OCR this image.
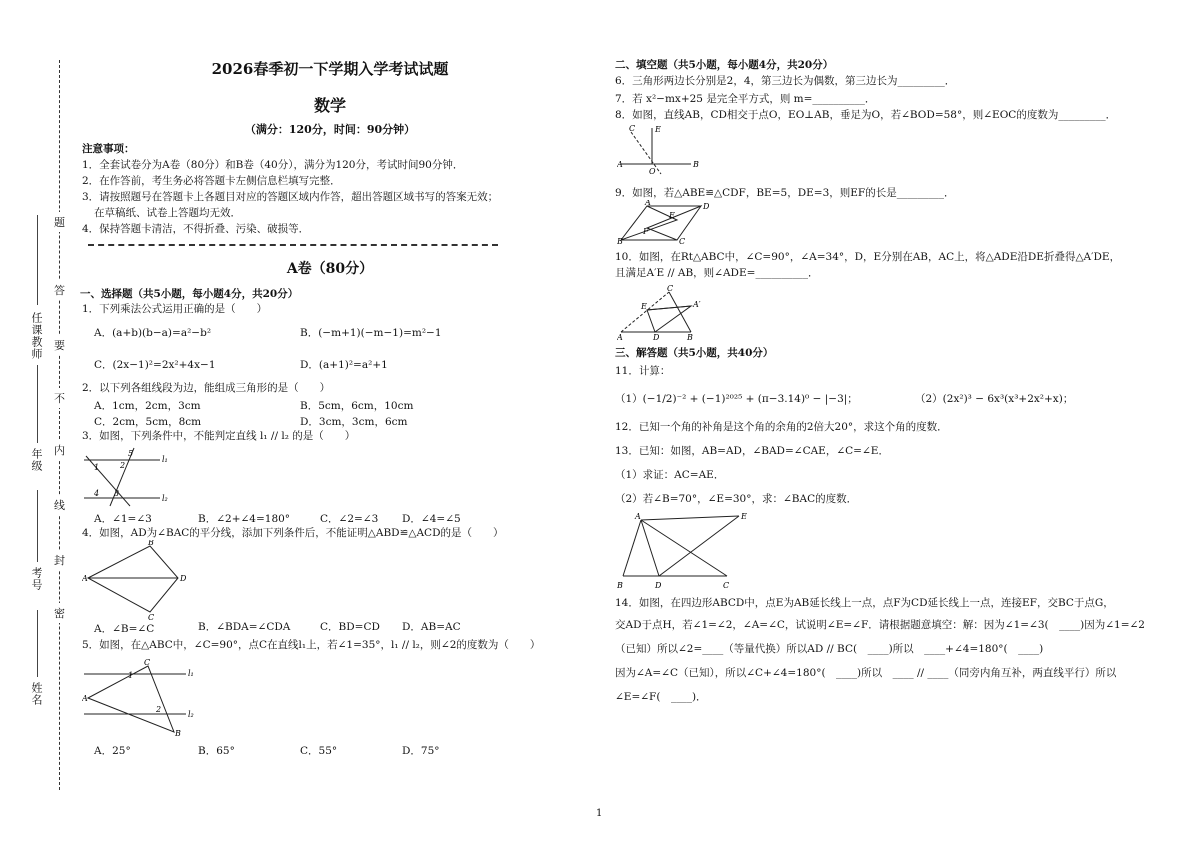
题
答
要
不
内
线
封
密
任课教师
年级
考号
姓名
2026春季初一下学期入学考试试题
数学
（满分：120分，时间：90分钟）
注意事项：
1．全套试卷分为A卷（80分）和B卷（40分），满分为120分，考试时间90分钟．
2．在作答前，考生务必将答题卡左侧信息栏填写完整．
3．请按照题号在答题卡上各题目对应的答题区域内作答，超出答题区域书写的答案无效；
在草稿纸、试卷上答题均无效．
4．保持答题卡清洁，不得折叠、污染、破损等．
A卷（80分）
一、选择题（共5小题，每小题4分，共20分）
1．下列乘法公式运用正确的是（　　）
A．(a+b)(b−a)=a²−b²	B．(−m+1)(−m−1)=m²−1
C．(2x−1)²=2x²+4x−1	D．(a+1)²=a²+1
2．以下列各组线段为边，能组成三角形的是（　　）
A．1cm，2cm，3cm	B．5cm，6cm，10cm
C．2cm，5cm，8cm	D．3cm，3cm，6cm
3．如图，下列条件中，不能判定直线 l₁ // l₂ 的是（　　）
l₁
l₂
1	2
5
4 3
A．∠1=∠3	B．∠2+∠4=180°	C．∠2=∠3 D．∠4=∠5
4．如图，AD为∠BAC的平分线，添加下列条件后，不能证明△ABD≌△ACD的是（　　）
A
B
D
C
A．∠B=∠C	B．∠BDA=∠CDA	C．BD=CD D．AB=AC
5．如图，在△ABC中，∠C=90°，点C在直线l₁上，若∠1=35°，l₁ // l₂，则∠2的度数为（　　）
l₁
l₂
A
C
B
1
2
A．25°	B．65°	C．55°	D．75°
二、填空题（共5小题，每小题4分，共20分）
6．三角形两边长分别是2，4，第三边长为偶数，第三边长为_________．
7．若 x²−mx+25 是完全平方式，则 m=__________．
8．如图，直线AB，CD相交于点O，EO⊥AB，垂足为O，若∠BOD=58°，则∠EOC的度数为_________．
A	B
C E
O
9．如图，若△ABE≌△CDF，BE=5，DE=3，则EF的长是_________．
B
A	D
C
E
F
10．如图，在Rt△ABC中，∠C=90°，∠A=34°，D，E分别在AB，AC上，将△ADE沿DE折叠得△A′DE，
且满足A′E // AB，则∠ADE=__________．
A	D	B
C
E	A′
三、解答题（共5小题，共40分）
11．计算：
（1）(−1/2)⁻² + (−1)²⁰²⁵ + (π−3.14)⁰ − |−3|；	（2）(2x²)³ − 6x³(x³+2x²+x)；
12．已知一个角的补角是这个角的余角的2倍大20°，求这个角的度数．
13．已知：如图，AB=AD，∠BAD=∠CAE，∠C=∠E．
（1）求证：AC=AE．
（2）若∠B=70°，∠E=30°，求：∠BAC的度数．
A	E
B	D	C
14．如图，在四边形ABCD中，点E为AB延长线上一点，点F为CD延长线上一点，连接EF，交BC于点G，
交AD于点H，若∠1=∠2，∠A=∠C，试说明∠E=∠F．请根据题意填空：解：因为∠1=∠3(　____)因为∠1=∠2
（已知）所以∠2=____（等量代换）所以AD // BC(　____)所以　____+∠4=180°(　____)
因为∠A=∠C（已知），所以∠C+∠4=180°(　____)所以　____ // ____（同旁内角互补，两直线平行）所以
∠E=∠F(　____)．
1
